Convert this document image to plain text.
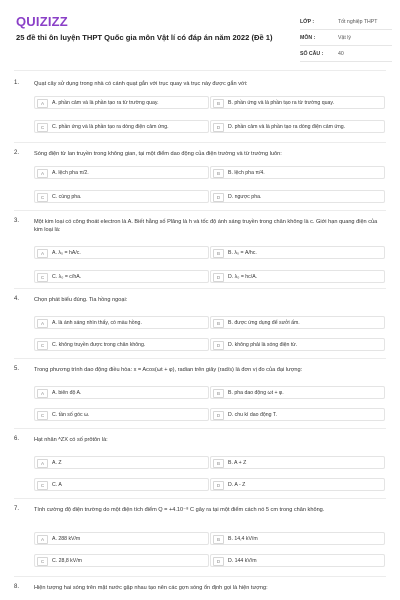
QUIZIZZ
25 đề thi ôn luyện THPT Quốc gia môn Vật lí có đáp án năm 2022 (Đề 1)
LỚP :	Tốt nghiệp THPT
MÔN :	Vật lý
SỐ CÂU :	40
1.	Quạt cây sử dụng trong nhà có cánh quạt gắn với trục quay và trục này được gắn với:
A	A. phần cảm và là phần tạo ra từ trường quay.	B	B. phần ứng và là phần tạo ra từ trường quay.
C	C. phần ứng và là phần tạo ra dòng điện cảm ứng.	D	D. phần cảm và là phần tạo ra dòng điện cảm ứng.
2.	Sóng điện từ lan truyền trong không gian, tại một điểm dao động của điện trường và từ trường luôn:
A	A. lệch pha π/2.	B	B. lệch pha π/4.
C	C. cùng pha.	D	D. ngược pha.
3.	Một kim loại có công thoát electron là A. Biết hằng số Plăng là h và tốc độ ánh sáng truyền trong chân không là c. Giới hạn quang điện của kim loại là:
A	A. λ₀ = hA/c.	B	B. λ₀ = A/hc.
C	C. λ₀ = c/hA.	D	D. λ₀ = hc/A.
4.	Chọn phát biểu đúng. Tia hồng ngoại:
A	A. là ánh sáng nhìn thấy, có màu hồng.	B	B. được ứng dụng để sưởi ấm.
C	C. không truyền được trong chân không.	D	D. không phải là sóng điện từ.
5.	Trong phương trình dao động điều hòa: x = Acos(ωt + φ), radian trên giây (rad/s) là đơn vị đo của đại lượng:
A	A. biên độ A.	B	B. pha dao động ωt + φ.
C	C. tần số góc ω.	D	D. chu kì dao động T.
6.	Hạt nhân ᴬZX có số prôtôn là:
A	A. Z	B	B. A + Z
C	C. A	D	D. A - Z
7.	Tính cường độ điện trường do một điện tích điểm Q = +4.10⁻⁸ C gây ra tại một điểm cách nó 5 cm trong chân không.
A	A. 288 kV/m	B	B. 14,4 kV/m
C	C. 28,8 kV/m	D	D. 144 kV/m
8.	Hiện tượng hai sóng trên mặt nước gặp nhau tạo nên các gợn sóng ổn định gọi là hiện tượng:
